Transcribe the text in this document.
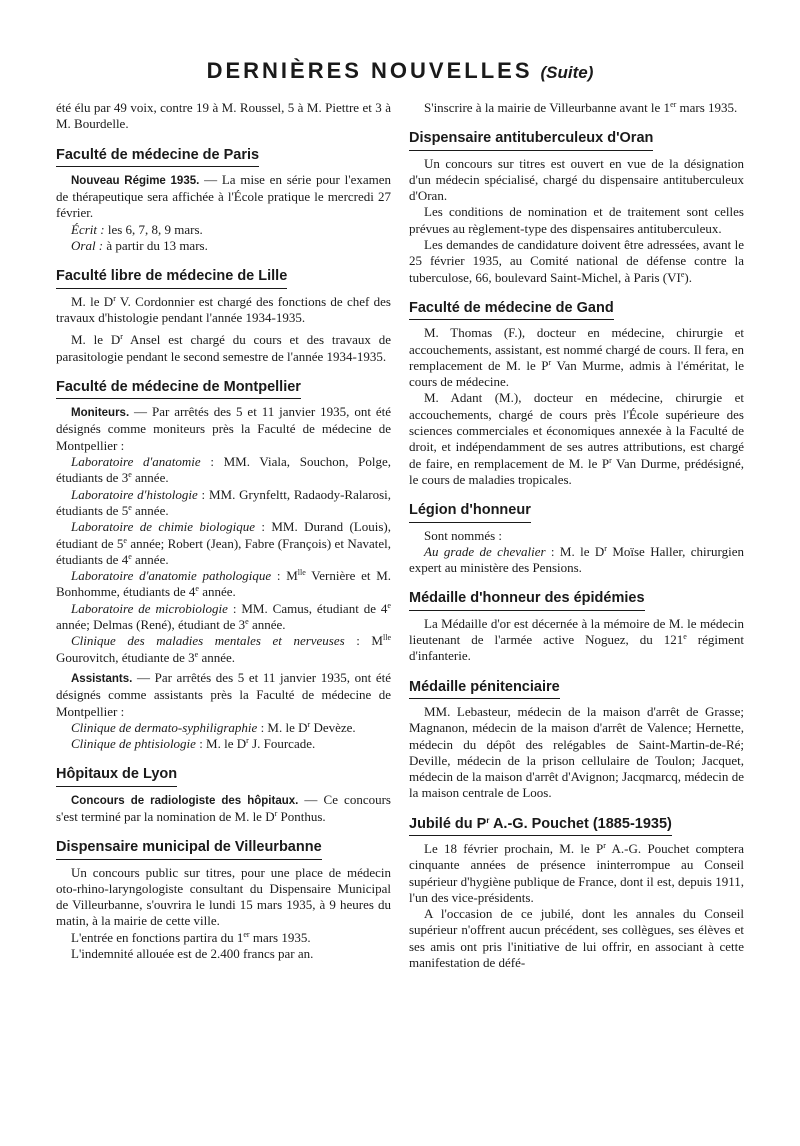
DERNIÈRES NOUVELLES (Suite)

été élu par 49 voix, contre 19 à M. Roussel, 5 à M. Piettre et 3 à M. Bourdelle.

Faculté de médecine de Paris

Nouveau Régime 1935. — La mise en série pour l'examen de thérapeutique sera affichée à l'École pratique le mercredi 27 février.

Écrit : les 6, 7, 8, 9 mars.

Oral : à partir du 13 mars.

Faculté libre de médecine de Lille

M. le $D^r$ V. Cordonnier est chargé des fonctions de chef des travaux d'histologie pendant l'année 1934-1935.

M. le $D^r$ Ansel est chargé du cours et des travaux de parasitologie pendant le second semestre de l'année 1934-1935.

Faculté de médecine de Montpellier

Moniteurs. — Par arrêtés des 5 et 11 janvier 1935, ont été désignés comme moniteurs près la Faculté de médecine de Montpellier :

Laboratoire d'anatomie : MM. Viala, Souchon, Polge, étudiants de 3e année.

Laboratoire d'histologie : MM. Grynfeltt, Radaody-Ralarosi, étudiants de 5e année.

Laboratoire de chimie biologique : MM. Durand (Louis), étudiant de 5e année; Robert (Jean), Fabre (François) et Navatel, étudiants de 4e année.

Laboratoire d'anatomie pathologique : $M^{lle}$ Vernière et M. Bonhomme, étudiants de 4e année.

Laboratoire de microbiologie : MM. Camus, étudiant de 4e année; Delmas (René), étudiant de 3e année.

Clinique des maladies mentales et nerveuses : $M^{lle}$ Gourovitch, étudiante de 3e année.

Assistants. — Par arrêtés des 5 et 11 janvier 1935, ont été désignés comme assistants près la Faculté de médecine de Montpellier :

Clinique de dermato-syphiligraphie : M. le $D^r$ Devèze.

Clinique de phtisiologie : M. le $D^r$ J. Fourcade.

Hôpitaux de Lyon

Concours de radiologiste des hôpitaux. — Ce concours s'est terminé par la nomination de M. le $D^r$ Ponthus.

Dispensaire municipal de Villeurbanne

Un concours public sur titres, pour une place de médecin oto-rhino-laryngologiste consultant du Dispensaire Municipal de Villeurbanne, s'ouvrira le lundi 15 mars 1935, à 9 heures du matin, à la mairie de cette ville.

L'entrée en fonctions partira du 1er mars 1935.

L'indemnité allouée est de 2.400 francs par an.

S'inscrire à la mairie de Villeurbanne avant le 1er mars 1935.

Dispensaire antituberculeux d'Oran

Un concours sur titres est ouvert en vue de la désignation d'un médecin spécialisé, chargé du dispensaire antituberculeux d'Oran.

Les conditions de nomination et de traitement sont celles prévues au règlement-type des dispensaires antituberculeux.

Les demandes de candidature doivent être adressées, avant le 25 février 1935, au Comité national de défense contre la tuberculose, 66, boulevard Saint-Michel, à Paris (VIe).

Faculté de médecine de Gand

M. Thomas (F.), docteur en médecine, chirurgie et accouchements, assistant, est nommé chargé de cours. Il fera, en remplacement de M. le $P^r$ Van Murme, admis à l'éméritat, le cours de médecine.

M. Adant (M.), docteur en médecine, chirurgie et accouchements, chargé de cours près l'École supérieure des sciences commerciales et économiques annexée à la Faculté de droit, et indépendamment de ses autres attributions, est chargé de faire, en remplacement de M. le $P^r$ Van Durme, prédésigné, le cours de maladies tropicales.

Légion d'honneur

Sont nommés :

Au grade de chevalier : M. le $D^r$ Moïse Haller, chirurgien expert au ministère des Pensions.

Médaille d'honneur des épidémies

La Médaille d'or est décernée à la mémoire de M. le médecin lieutenant de l'armée active Noguez, du 121e régiment d'infanterie.

Médaille pénitenciaire

MM. Lebasteur, médecin de la maison d'arrêt de Grasse; Magnanon, médecin de la maison d'arrêt de Valence; Hernette, médecin du dépôt des relégables de Saint-Martin-de-Ré; Deville, médecin de la prison cellulaire de Toulon; Jacquet, médecin de la maison d'arrêt d'Avignon; Jacqmarcq, médecin de la maison centrale de Loos.

Jubilé du $P^r$ A.-G. Pouchet (1885-1935)

Le 18 février prochain, M. le $P^r$ A.-G. Pouchet comptera cinquante années de présence ininterrompue au Conseil supérieur d'hygiène publique de France, dont il est, depuis 1911, l'un des vice-présidents.

A l'occasion de ce jubilé, dont les annales du Conseil supérieur n'offrent aucun précédent, ses collègues, ses élèves et ses amis ont pris l'initiative de lui offrir, en associant à cette manifestation de défé-
